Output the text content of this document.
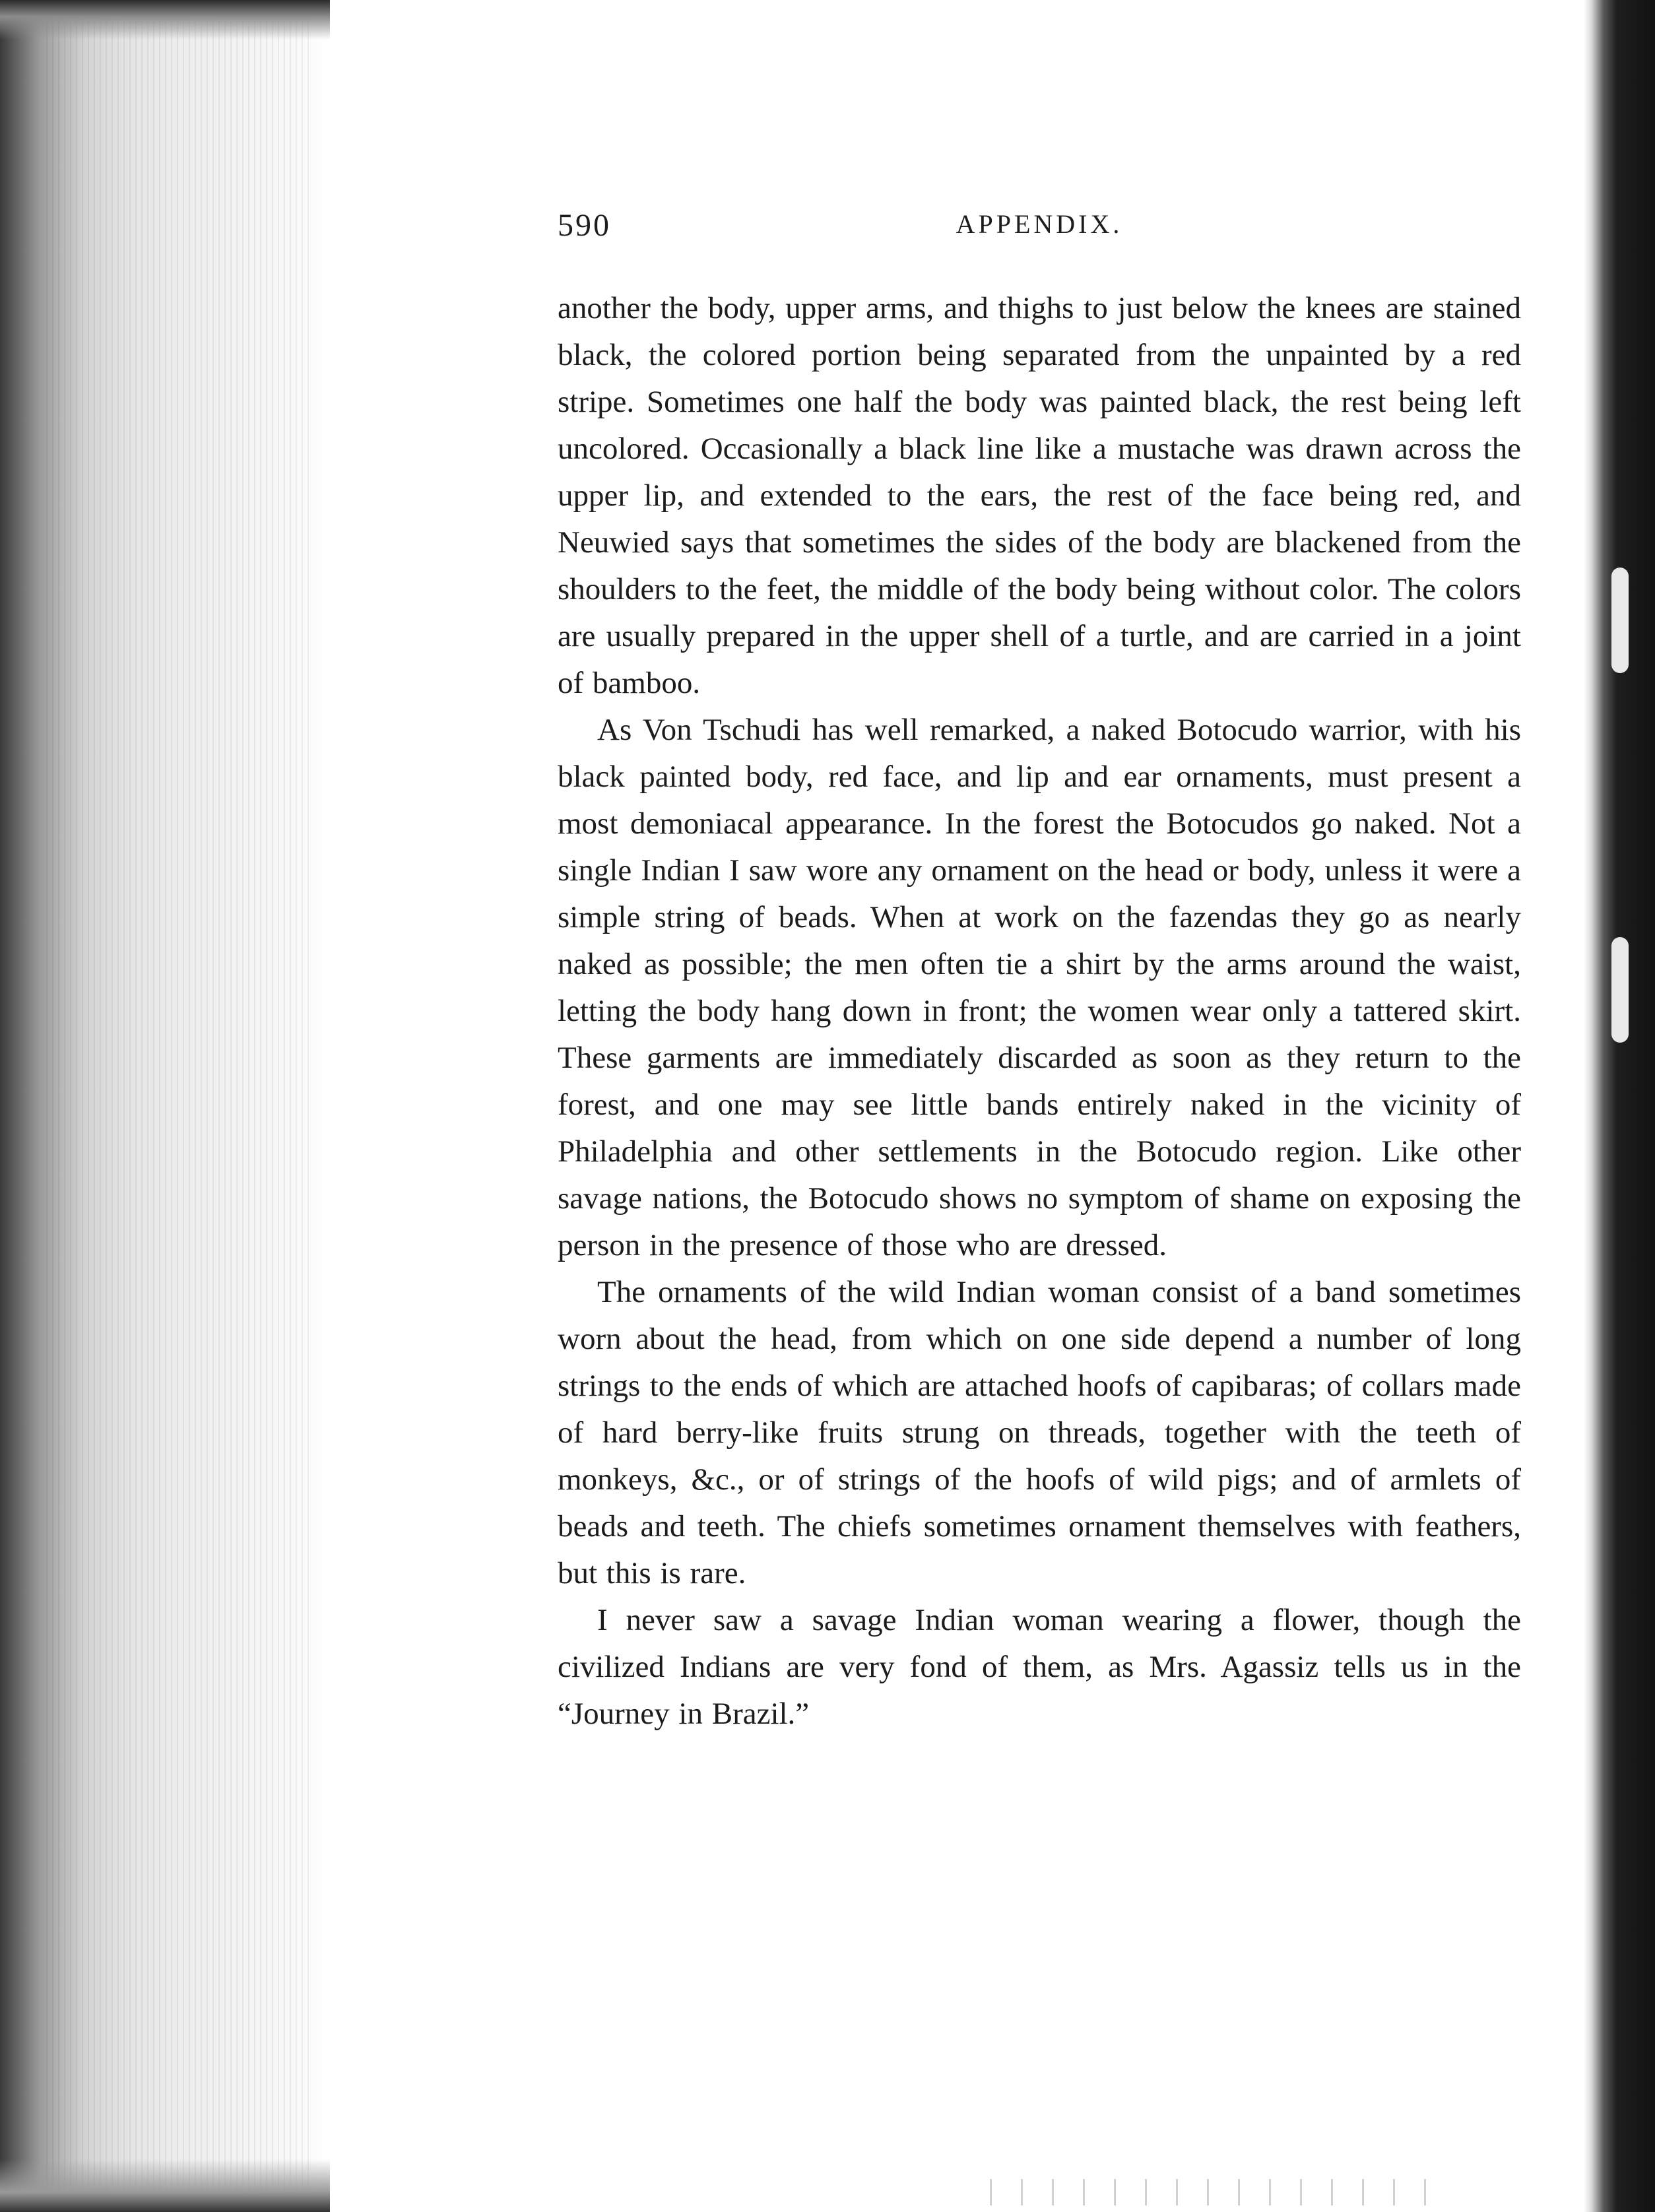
590	APPENDIX.

another the body, upper arms, and thighs to just below the knees are stained black, the colored portion being separated from the unpainted by a red stripe. Sometimes one half the body was painted black, the rest being left uncolored. Occasionally a black line like a mustache was drawn across the upper lip, and extended to the ears, the rest of the face being red, and Neuwied says that sometimes the sides of the body are blackened from the shoulders to the feet, the middle of the body being without color. The colors are usually prepared in the upper shell of a turtle, and are carried in a joint of bamboo.

As Von Tschudi has well remarked, a naked Botocudo warrior, with his black painted body, red face, and lip and ear ornaments, must present a most demoniacal appearance. In the forest the Botocudos go naked. Not a single Indian I saw wore any ornament on the head or body, unless it were a simple string of beads. When at work on the fazendas they go as nearly naked as possible; the men often tie a shirt by the arms around the waist, letting the body hang down in front; the women wear only a tattered skirt. These garments are immediately discarded as soon as they return to the forest, and one may see little bands entirely naked in the vicinity of Philadelphia and other settlements in the Botocudo region. Like other savage nations, the Botocudo shows no symptom of shame on exposing the person in the presence of those who are dressed.

The ornaments of the wild Indian woman consist of a band sometimes worn about the head, from which on one side depend a number of long strings to the ends of which are attached hoofs of capibaras; of collars made of hard berry-like fruits strung on threads, together with the teeth of monkeys, &c., or of strings of the hoofs of wild pigs; and of armlets of beads and teeth. The chiefs sometimes ornament themselves with feathers, but this is rare.

I never saw a savage Indian woman wearing a flower, though the civilized Indians are very fond of them, as Mrs. Agassiz tells us in the “Journey in Brazil.”
